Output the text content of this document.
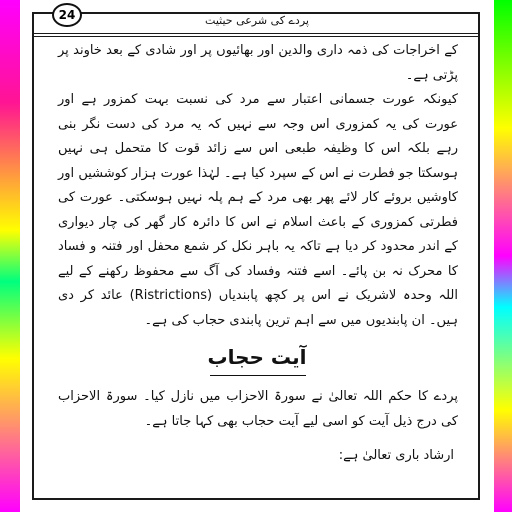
پردے کی شرعی حیثیت
24
کے اخراجات کی ذمہ داری والدین اور بھائیوں پر اور شادی کے بعد خاوند پر پڑتی ہے۔
کیونکہ عورت جسمانی اعتبار سے مرد کی نسبت بہت کمزور ہے اور عورت کی یہ کمزوری اس وجہ سے نہیں کہ یہ مرد کی دست نگر بنی رہے بلکہ اس کا وظیفہ طبعی اس سے زائد قوت کا متحمل ہی نہیں ہوسکتا جو فطرت نے اس کے سپرد کیا ہے۔ لہٰذا عورت ہزار کوششیں اور کاوشیں بروئے کار لائے پھر بھی مرد کے ہم پلہ نہیں ہوسکتی۔ عورت کی فطرتی کمزوری کے باعث اسلام نے اس کا دائرہ کار گھر کی چار دیواری کے اندر محدود کر دیا ہے تاکہ یہ باہر نکل کر شمع محفل اور فتنہ و فساد کا محرک نہ بن پائے۔ اسے فتنہ وفساد کی آگ سے محفوظ رکھنے کے لیے اللہ وحدہ لاشریک نے اس پر کچھ پابندیاں (Ristrictions) عائد کر دی ہیں۔ ان پابندیوں میں سے اہم ترین پابندی حجاب کی ہے۔
آیت حجاب
پردے کا حکم اللہ تعالیٰ نے سورۃ الاحزاب میں نازل کیا۔ سورۃ الاحزاب کی درج ذیل آیت کو اسی لیے آیت حجاب بھی کہا جاتا ہے۔
ارشاد باری تعالیٰ ہے:
